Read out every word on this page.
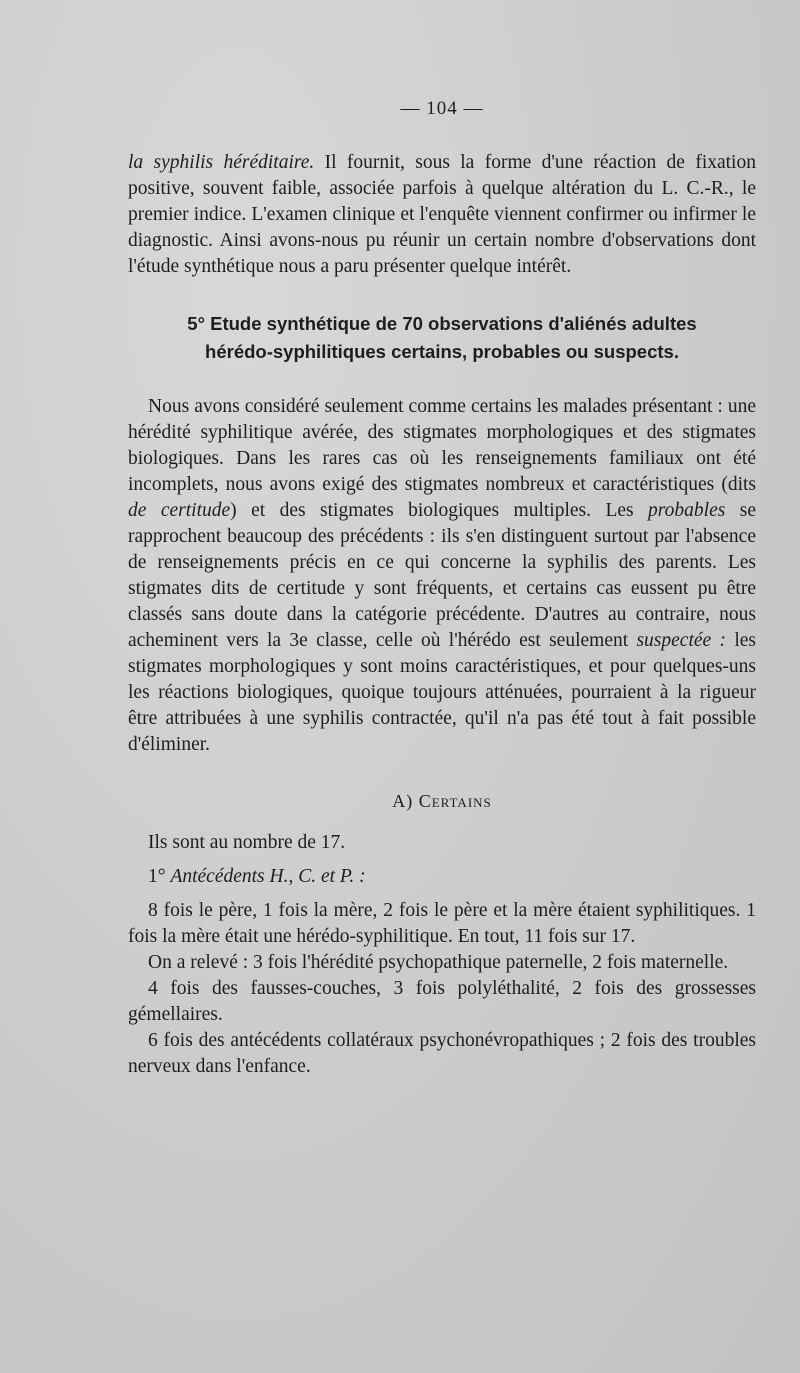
— 104 —

la syphilis héréditaire. Il fournit, sous la forme d'une réaction de fixation positive, souvent faible, associée parfois à quelque altération du L. C.-R., le premier indice. L'examen clinique et l'enquête viennent confirmer ou infirmer le diagnostic. Ainsi avons-nous pu réunir un certain nombre d'observations dont l'étude synthétique nous a paru présenter quelque intérêt.

5° Etude synthétique de 70 observations d'aliénés adultes
hérédo-syphilitiques certains, probables ou suspects.

Nous avons considéré seulement comme certains les malades présentant : une hérédité syphilitique avérée, des stigmates morphologiques et des stigmates biologiques. Dans les rares cas où les renseignements familiaux ont été incomplets, nous avons exigé des stigmates nombreux et caractéristiques (dits de certitude) et des stigmates biologiques multiples. Les probables se rapprochent beaucoup des précédents : ils s'en distinguent surtout par l'absence de renseignements précis en ce qui concerne la syphilis des parents. Les stigmates dits de certitude y sont fréquents, et certains cas eussent pu être classés sans doute dans la catégorie précédente. D'autres au contraire, nous acheminent vers la 3e classe, celle où l'hérédo est seulement suspectée : les stigmates morphologiques y sont moins caractéristiques, et pour quelques-uns les réactions biologiques, quoique toujours atténuées, pourraient à la rigueur être attribuées à une syphilis contractée, qu'il n'a pas été tout à fait possible d'éliminer.

A) Certains

Ils sont au nombre de 17.

1° Antécédents H., C. et P. :

8 fois le père, 1 fois la mère, 2 fois le père et la mère étaient syphilitiques. 1 fois la mère était une hérédo-syphilitique. En tout, 11 fois sur 17.

On a relevé : 3 fois l'hérédité psychopathique paternelle, 2 fois maternelle.

4 fois des fausses-couches, 3 fois polyléthalité, 2 fois des grossesses gémellaires.

6 fois des antécédents collatéraux psychonévropathiques ; 2 fois des troubles nerveux dans l'enfance.
